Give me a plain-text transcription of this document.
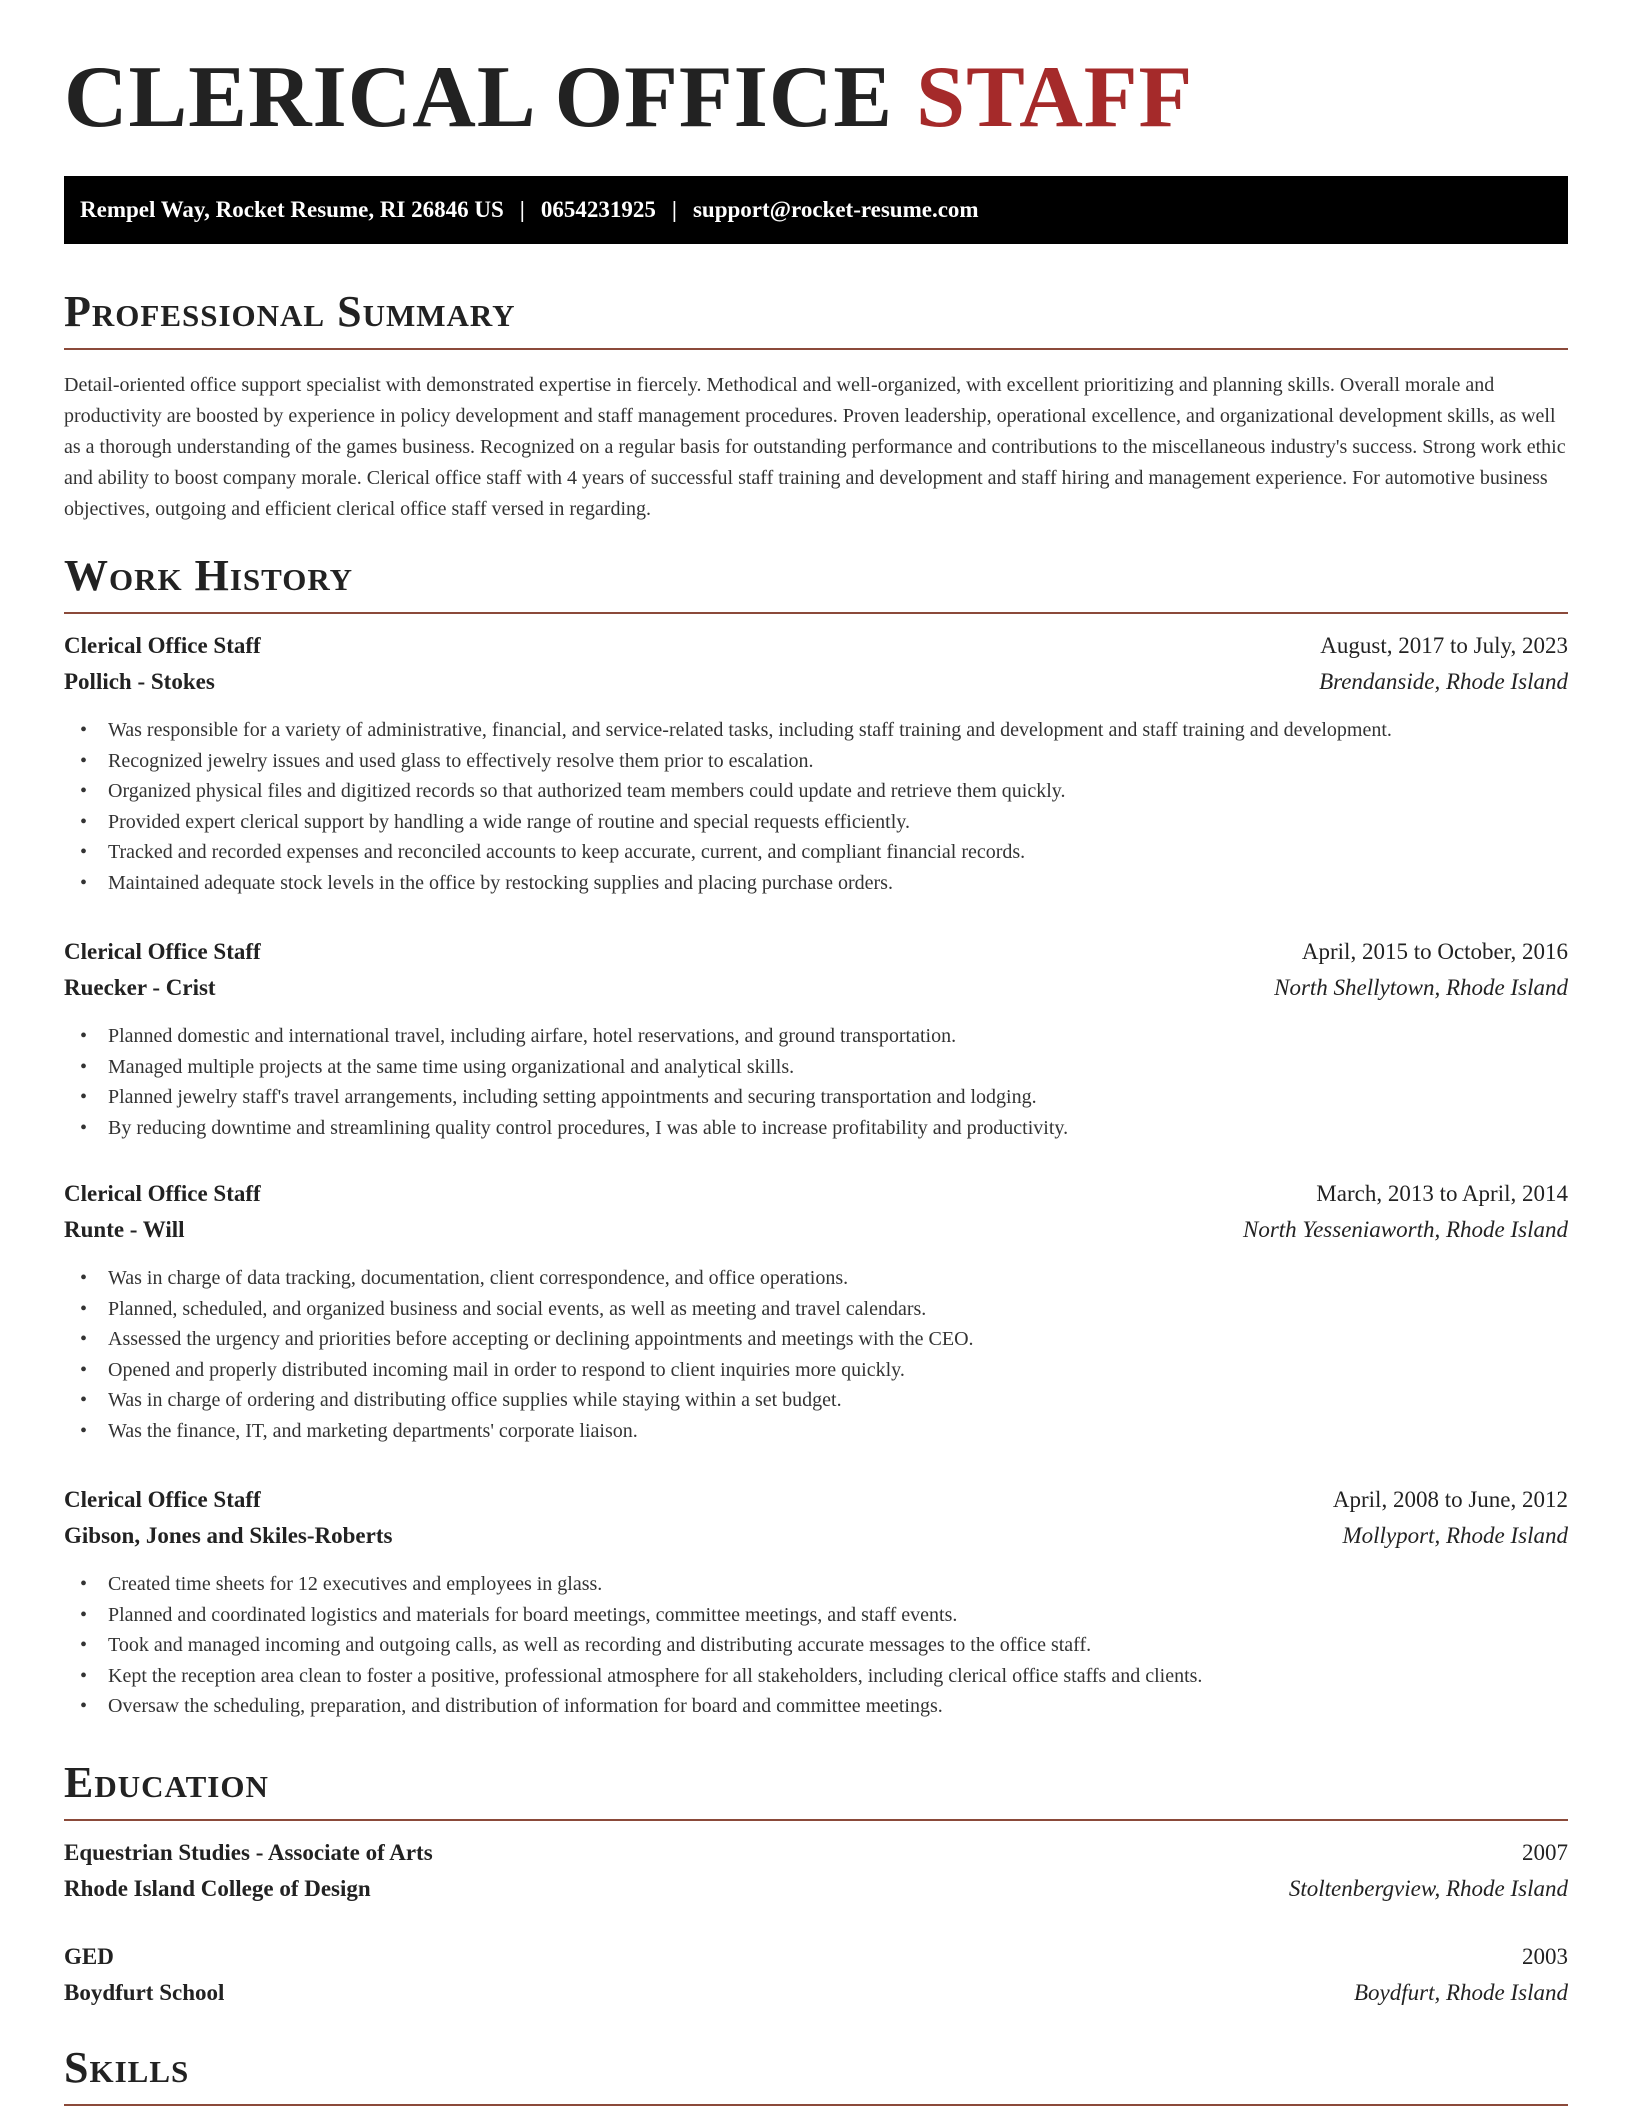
CLERICAL OFFICE STAFF
Rempel Way, Rocket Resume, RI 26846 US | 0654231925 | support@rocket-resume.com
Professional Summary

Detail-oriented office support specialist with demonstrated expertise in fiercely. Methodical and well-organized, with excellent prioritizing and planning skills. Overall morale and productivity are boosted by experience in policy development and staff management procedures. Proven leadership, operational excellence, and organizational development skills, as well as a thorough understanding of the games business. Recognized on a regular basis for outstanding performance and contributions to the miscellaneous industry's success. Strong work ethic and ability to boost company morale. Clerical office staff with 4 years of successful staff training and development and staff hiring and management experience. For automotive business objectives, outgoing and efficient clerical office staff versed in regarding.

Work History
Clerical Office Staff	August, 2017 to July, 2023
Pollich - Stokes	Brendanside, Rhode Island
• Was responsible for a variety of administrative, financial, and service-related tasks, including staff training and development and staff training and development.
• Recognized jewelry issues and used glass to effectively resolve them prior to escalation.
• Organized physical files and digitized records so that authorized team members could update and retrieve them quickly.
• Provided expert clerical support by handling a wide range of routine and special requests efficiently.
• Tracked and recorded expenses and reconciled accounts to keep accurate, current, and compliant financial records.
• Maintained adequate stock levels in the office by restocking supplies and placing purchase orders.
Clerical Office Staff	April, 2015 to October, 2016
Ruecker - Crist	North Shellytown, Rhode Island
• Planned domestic and international travel, including airfare, hotel reservations, and ground transportation.
• Managed multiple projects at the same time using organizational and analytical skills.
• Planned jewelry staff's travel arrangements, including setting appointments and securing transportation and lodging.
• By reducing downtime and streamlining quality control procedures, I was able to increase profitability and productivity.
Clerical Office Staff	March, 2013 to April, 2014
Runte - Will	North Yesseniaworth, Rhode Island
• Was in charge of data tracking, documentation, client correspondence, and office operations.
• Planned, scheduled, and organized business and social events, as well as meeting and travel calendars.
• Assessed the urgency and priorities before accepting or declining appointments and meetings with the CEO.
• Opened and properly distributed incoming mail in order to respond to client inquiries more quickly.
• Was in charge of ordering and distributing office supplies while staying within a set budget.
• Was the finance, IT, and marketing departments' corporate liaison.
Clerical Office Staff	April, 2008 to June, 2012
Gibson, Jones and Skiles-Roberts	Mollyport, Rhode Island
• Created time sheets for 12 executives and employees in glass.
• Planned and coordinated logistics and materials for board meetings, committee meetings, and staff events.
• Took and managed incoming and outgoing calls, as well as recording and distributing accurate messages to the office staff.
• Kept the reception area clean to foster a positive, professional atmosphere for all stakeholders, including clerical office staffs and clients.
• Oversaw the scheduling, preparation, and distribution of information for board and committee meetings.
Education
Equestrian Studies - Associate of Arts	2007
Rhode Island College of Design	Stoltenbergview, Rhode Island
GED	2003
Boydfurt School	Boydfurt, Rhode Island
Skills
